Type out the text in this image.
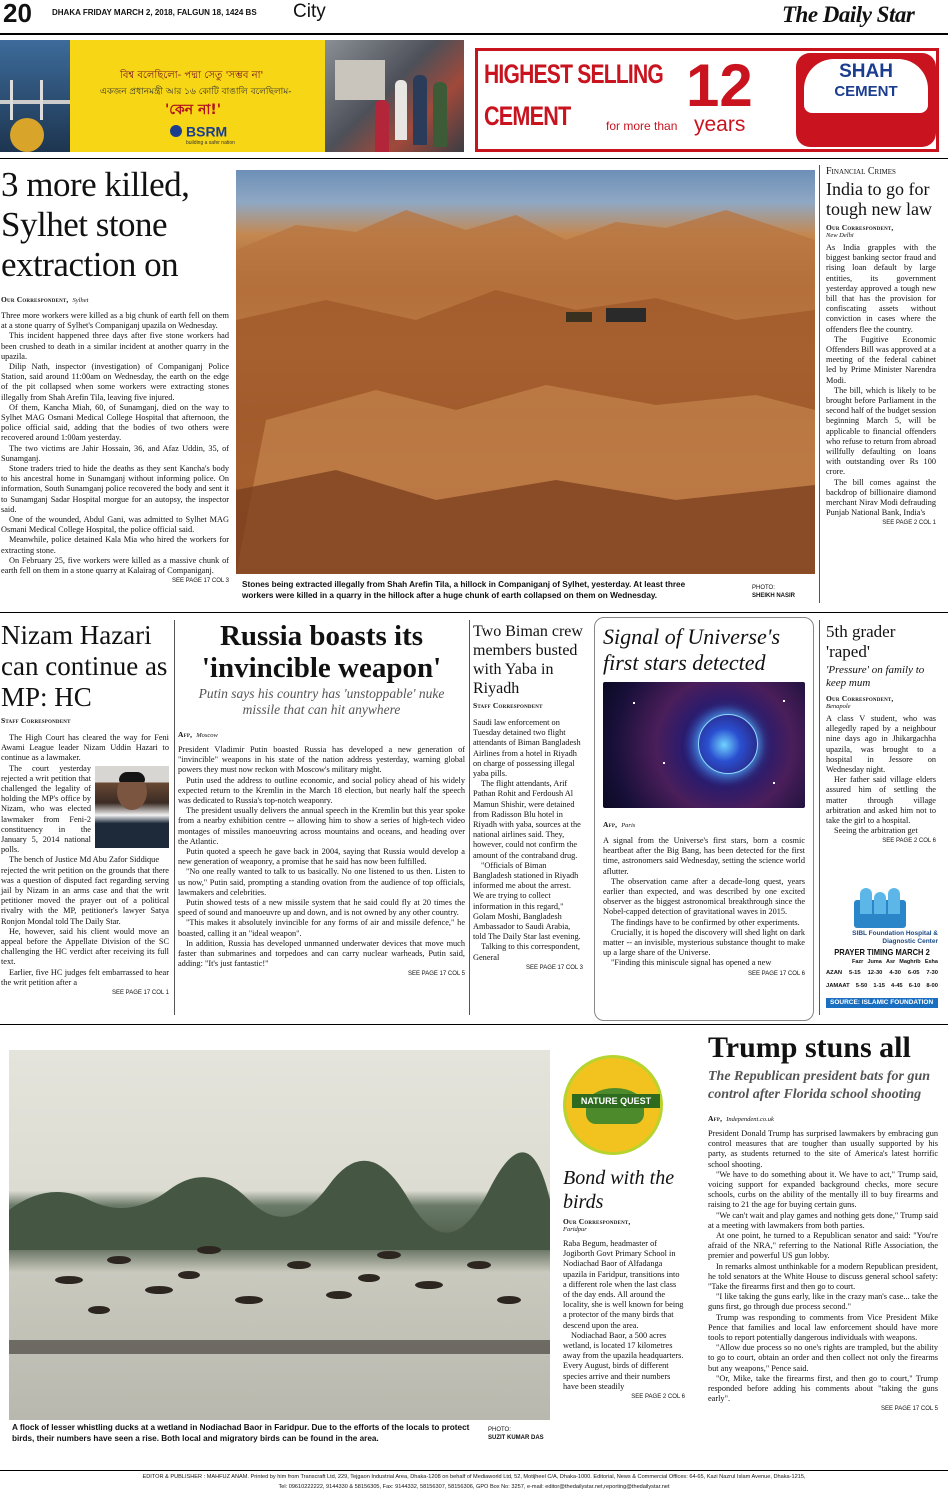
20	DHAKA FRIDAY MARCH 2, 2018, FALGUN 18, 1424 BS City	The Daily Star
বিশ্ব বলেছিলো- পদ্মা সেতু 'সম্ভব না'
একজন প্রধানমন্ত্রী আর ১৬ কোটি বাঙালি বলেছিলাম-
'কেন না!'
BSRM
building a safer nation
HIGHEST SELLING
CEMENT	for more than
12
years
SHAH
CEMENT
3 more killed, Sylhet stone extraction on
Our Correspondent, Sylhet

Three more workers were killed as a big chunk of earth fell on them at a stone quarry of Sylhet's Companiganj upazila on Wednesday.

This incident happened three days after five stone workers had been crushed to death in a similar incident at another quarry in the upazila.

Dilip Nath, inspector (investigation) of Companiganj Police Station, said around 11:00am on Wednesday, the earth on the edge of the pit collapsed when some workers were extracting stones illegally from Shah Arefin Tila, leaving five injured.

Of them, Kancha Miah, 60, of Sunamganj, died on the way to Sylhet MAG Osmani Medical College Hospital that afternoon, the police official said, adding that the bodies of two others were recovered around 1:00am yesterday.

The two victims are Jahir Hossain, 36, and Afaz Uddin, 35, of Sunamganj.

Stone traders tried to hide the deaths as they sent Kancha's body to his ancestral home in Sunamganj without informing police. On information, South Sunamganj police recovered the body and sent it to Sunamganj Sadar Hospital morgue for an autopsy, the inspector said.

One of the wounded, Abdul Gani, was admitted to Sylhet MAG Osmani Medical College Hospital, the police official said.

Meanwhile, police detained Kala Mia who hired the workers for extracting stone.

On February 25, five workers were killed as a massive chunk of earth fell on them in a stone quarry at Kalairag of Companiganj.

SEE PAGE 17 COL 3 Stones being extracted illegally from Shah Arefin Tila, a hillock in Companiganj of Sylhet, yesterday. At least three workers were killed in a quarry in the hillock after a huge chunk of earth collapsed on them on Wednesday.
PHOTO:
SHEIKH NASIR
Financial Crimes
India to go for tough new law
Our Correspondent,
New Delhi

As India grapples with the biggest banking sector fraud and rising loan default by large entities, its government yesterday approved a tough new bill that has the provision for confiscating assets without conviction in cases where the offenders flee the country.

The Fugitive Economic Offenders Bill was approved at a meeting of the federal cabinet led by Prime Minister Narendra Modi.

The bill, which is likely to be brought before Parliament in the second half of the budget session beginning March 5, will be applicable to financial offenders who refuse to return from abroad willfully defaulting on loans with outstanding over Rs 100 crore.

The bill comes against the backdrop of billionaire diamond merchant Nirav Modi defrauding Punjab National Bank, India's

SEE PAGE 2 COL 1
Nizam Hazari can continue as MP: HC
Staff Correspondent

The High Court has cleared the way for Feni Awami League leader Nizam Uddin Hazari to continue as a lawmaker.

The court yesterday rejected a writ petition that challenged the legality of holding the MP's office by Nizam, who was elected lawmaker from Feni-2 constituency in the January 5, 2014 national polls.

The bench of Justice Md Abu Zafor Siddique

rejected the writ petition on the grounds that there was a question of disputed fact regarding serving jail by Nizam in an arms case and that the writ petitioner moved the prayer out of a political rivalry with the MP, petitioner's lawyer Satya Ronjon Mondal told The Daily Star.

He, however, said his client would move an appeal before the Appellate Division of the SC challenging the HC verdict after receiving its full text.

Earlier, five HC judges felt embarrassed to hear the writ petition after a

SEE PAGE 17 COL 1
Russia boasts its
'invincible weapon'
Putin says his country has 'unstoppable' nuke missile that can hit anywhere
Afp, Moscow

President Vladimir Putin boasted Russia has developed a new generation of "invincible" weapons in his state of the nation address yesterday, warning global powers they must now reckon with Moscow's military might.

Putin used the address to outline economic, and social policy ahead of his widely expected return to the Kremlin in the March 18 election, but nearly half the speech was dedicated to Russia's top-notch weaponry.

The president usually delivers the annual speech in the Kremlin but this year spoke from a nearby exhibition centre -- allowing him to show a series of high-tech video montages of missiles manoeuvring across mountains and oceans, and heading over the Atlantic.

Putin quoted a speech he gave back in 2004, saying that Russia would develop a new generation of weaponry, a promise that he said has now been fulfilled.

"No one really wanted to talk to us basically. No one listened to us then. Listen to us now," Putin said, prompting a standing ovation from the audience of top officials, lawmakers and celebrities.

Putin showed tests of a new missile system that he said could fly at 20 times the speed of sound and manoeuvre up and down, and is not owned by any other country.

"This makes it absolutely invincible for any forms of air and missile defence," he boasted, calling it an "ideal weapon".

In addition, Russia has developed unmanned underwater devices that move much faster than submarines and torpedoes and can carry nuclear warheads, Putin said, adding: "It's just fantastic!"

SEE PAGE 17 COL 5
Two Biman crew members busted with Yaba in Riyadh
Staff Correspondent

Saudi law enforcement on Tuesday detained two flight attendants of Biman Bangladesh Airlines from a hotel in Riyadh on charge of possessing illegal yaba pills.

The flight attendants, Arif Pathan Rohit and Ferdoush Al Mamun Shishir, were detained from Radisson Blu hotel in Riyadh with yaba, sources at the national airlines said. They, however, could not confirm the amount of the contraband drug.

"Officials of Biman Bangladesh stationed in Riyadh informed me about the arrest. We are trying to collect information in this regard," Golam Moshi, Bangladesh Ambassador to Saudi Arabia, told The Daily Star last evening.

Talking to this correspondent, General

SEE PAGE 17 COL 3
Signal of Universe's first stars detected
Afp, Paris

A signal from the Universe's first stars, born a cosmic heartbeat after the Big Bang, has been detected for the first time, astronomers said Wednesday, setting the science world aflutter.

The observation came after a decade-long quest, years earlier than expected, and was described by one excited observer as the biggest astronomical breakthrough since the Nobel-capped detection of gravitational waves in 2015.

The findings have to be confirmed by other experiments.

Crucially, it is hoped the discovery will shed light on dark matter -- an invisible, mysterious substance thought to make up a large share of the Universe.

"Finding this miniscule signal has opened a new

SEE PAGE 17 COL 6
5th grader 'raped'
'Pressure' on family to keep mum
Our Correspondent,
Benapole

A class V student, who was allegedly raped by a neighbour nine days ago in Jhikargachha upazila, was brought to a hospital in Jessore on Wednesday night.

Her father said village elders assured him of settling the matter through village arbitration and asked him not to take the girl to a hospital.

Seeing the arbitration get

SEE PAGE 2 COL 6
SIBL Foundation Hospital & Diagnostic Center
PRAYER TIMING MARCH 2
Fazr Juma Asr Maghrib Esha
AZAN 5-15 12-30 4-30 6-05 7-30
JAMAAT 5-50 1-15 4-45 6-10 8-00
SOURCE: ISLAMIC FOUNDATION
A flock of lesser whistling ducks at a wetland in Nodiachad Baor in Faridpur. Due to the efforts of the locals to protect birds, their numbers have seen a rise. Both local and migratory birds can be found in the area.
PHOTO:
SUZIT KUMAR DAS
NATURE QUEST
Bond with the birds
Our Correspondent,
Faridpur

Raba Begum, headmaster of Jogiborth Govt Primary School in Nodiachad Baor of Alfadanga upazila in Faridpur, transitions into a different role when the last class of the day ends. All around the locality, she is well known for being a protector of the many birds that descend upon the area.

Nodiachad Baor, a 500 acres wetland, is located 17 kilometres away from the upazila headquarters. Every August, birds of different species arrive and their numbers have been steadily

SEE PAGE 2 COL 6
Trump stuns all
The Republican president bats for gun control after Florida school shooting
Afp, Independent.co.uk

President Donald Trump has surprised lawmakers by embracing gun control measures that are tougher than usually supported by his party, as students returned to the site of America's latest horrific school shooting.

"We have to do something about it. We have to act," Trump said, voicing support for expanded background checks, more secure schools, curbs on the ability of the mentally ill to buy firearms and raising to 21 the age for buying certain guns.

"We can't wait and play games and nothing gets done," Trump said at a meeting with lawmakers from both parties.

At one point, he turned to a Republican senator and said: "You're afraid of the NRA," referring to the National Rifle Association, the premier and powerful US gun lobby.

In remarks almost unthinkable for a modern Republican president, he told senators at the White House to discuss general school safety: "Take the firearms first and then go to court.

"I like taking the guns early, like in the crazy man's case... take the guns first, go through due process second."

Trump was responding to comments from Vice President Mike Pence that families and local law enforcement should have more tools to report potentially dangerous individuals with weapons.

"Allow due process so no one's rights are trampled, but the ability to go to court, obtain an order and then collect not only the firearms but any weapons," Pence said.

"Or, Mike, take the firearms first, and then go to court," Trump responded before adding his comments about "taking the guns early".

SEE PAGE 17 COL 5
EDITOR & PUBLISHER : MAHFUZ ANAM. Printed by him from Transcraft Ltd, 229, Tejgaon Industrial Area, Dhaka-1208 on behalf of Mediaworld Ltd, 52, Motijheel C/A, Dhaka-1000. Editorial, News & Commercial Offices: 64-65, Kazi Nazrul Islam Avenue, Dhaka-1215,
Tel: 09610222222, 9144330 & 58156305, Fax: 9144332, 58156307, 58156306, GPO Box No: 3257, e-mail: editor@thedailystar.net,reporting@thedailystar.net
